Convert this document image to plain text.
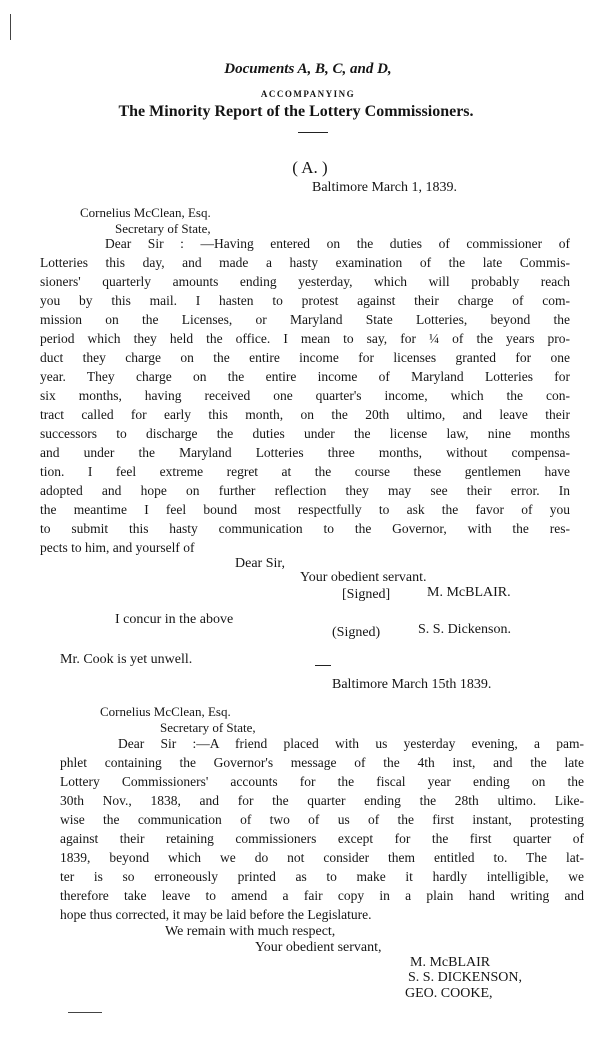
Documents A, B, C, and D,
ACCOMPANYING
The Minority Report of the Lottery Commissioners.
( A. )
Baltimore March 1, 1839.
Cornelius McClean, Esq.
Secretary of State,
Dear Sir : —Having entered on the duties of commissioner of
Lotteries this day, and made a hasty examination of the late Commis-
sioners' quarterly amounts ending yesterday, which will probably reach
you by this mail. I hasten to protest against their charge of com-
mission on the Licenses, or Maryland State Lotteries, beyond the
period which they held the office. I mean to say, for ¼ of the years pro-
duct they charge on the entire income for licenses granted for one
year. They charge on the entire income of Maryland Lotteries for
six months, having received one quarter's income, which the con-
tract called for early this month, on the 20th ultimo, and leave their
successors to discharge the duties under the license law, nine months
and under the Maryland Lotteries three months, without compensa-
tion. I feel extreme regret at the course these gentlemen have
adopted and hope on further reflection they may see their error. In
the meantime I feel bound most respectfully to ask the favor of you
to submit this hasty communication to the Governor, with the res-
pects to him, and yourself of
Dear Sir,
Your obedient servant.
[Signed]	M. McBLAIR.
I concur in the above
(Signed)	S. S. Dickenson.
Mr. Cook is yet unwell.
Baltimore March 15th 1839.
Cornelius McClean, Esq.
Secretary of State,
Dear Sir :—A friend placed with us yesterday evening, a pam-
phlet containing the Governor's message of the 4th inst, and the late
Lottery Commissioners' accounts for the fiscal year ending on the
30th Nov., 1838, and for the quarter ending the 28th ultimo. Like-
wise the communication of two of us of the first instant, protesting
against their retaining commissioners except for the first quarter of
1839, beyond which we do not consider them entitled to. The lat-
ter is so erroneously printed as to make it hardly intelligible, we
therefore take leave to amend a fair copy in a plain hand writing and
hope thus corrected, it may be laid before the Legislature.
We remain with much respect,
Your obedient servant,
M. McBLAIR
S. S. DICKENSON,
GEO. COOKE,
